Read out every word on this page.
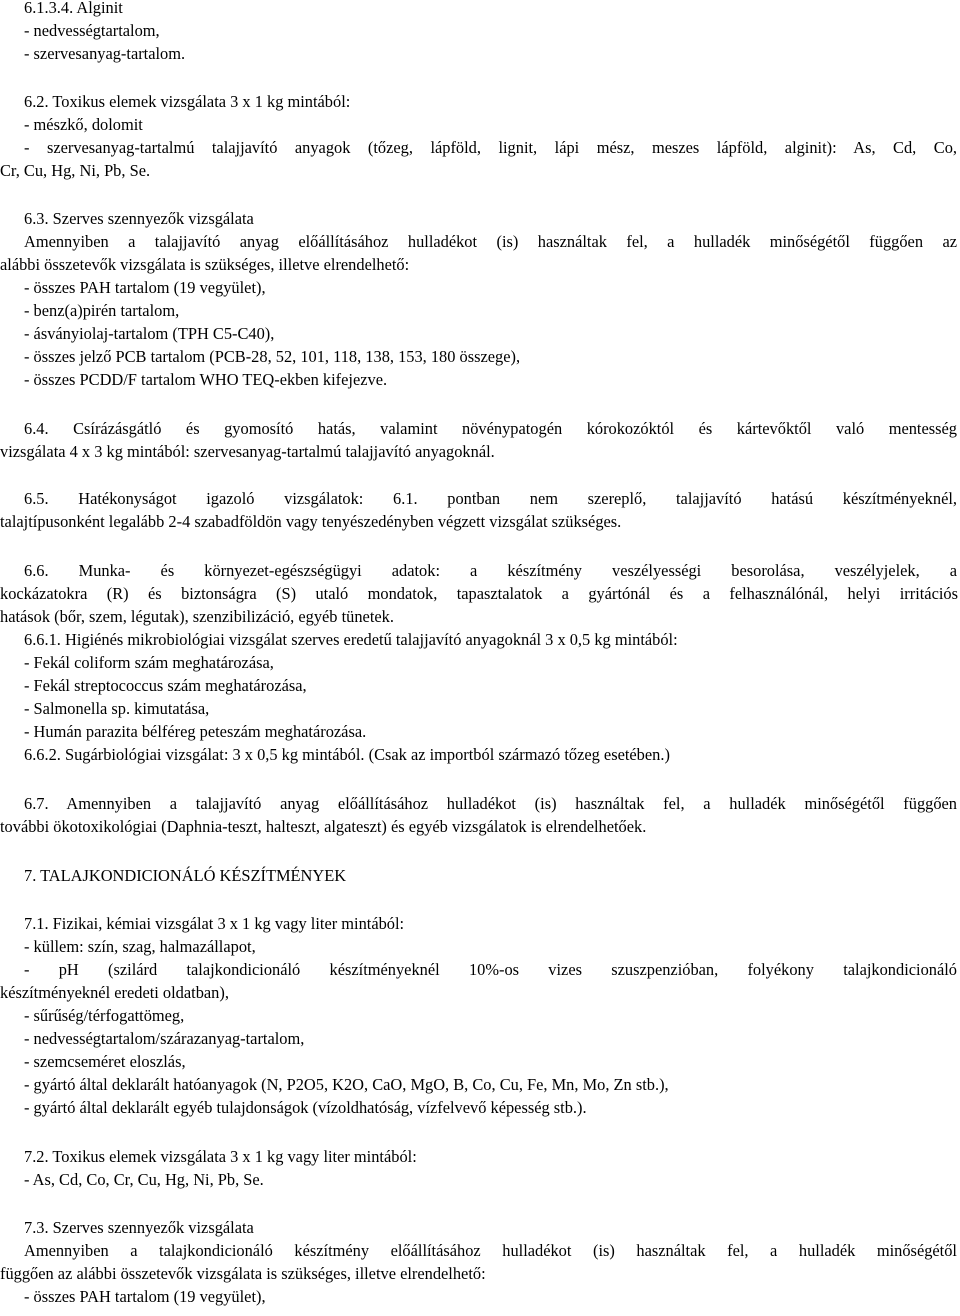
6.1.3.4. Alginit

- nedvességtartalom,

- szervesanyag-tartalom.

6.2. Toxikus elemek vizsgálata 3 x 1 kg mintából:

- mészkő, dolomit

- szervesanyag-tartalmú talajjavító anyagok (tőzeg, lápföld, lignit, lápi mész, meszes lápföld, alginit): As, Cd, Co,

Cr, Cu, Hg, Ni, Pb, Se.

6.3. Szerves szennyezők vizsgálata

Amennyiben a talajjavító anyag előállításához hulladékot (is) használtak fel, a hulladék minőségétől függően az

alábbi összetevők vizsgálata is szükséges, illetve elrendelhető:

- összes PAH tartalom (19 vegyület),

- benz(a)pirén tartalom,

- ásványiolaj-tartalom (TPH C5-C40),

- összes jelző PCB tartalom (PCB-28, 52, 101, 118, 138, 153, 180 összege),

- összes PCDD/F tartalom WHO TEQ-ekben kifejezve.

6.4. Csírázásgátló és gyomosító hatás, valamint növénypatogén kórokozóktól és kártevőktől való mentesség

vizsgálata 4 x 3 kg mintából: szervesanyag-tartalmú talajjavító anyagoknál.

6.5. Hatékonyságot igazoló vizsgálatok: 6.1. pontban nem szereplő, talajjavító hatású készítményeknél,

talajtípusonként legalább 2-4 szabadföldön vagy tenyészedényben végzett vizsgálat szükséges.

6.6. Munka- és környezet-egészségügyi adatok: a készítmény veszélyességi besorolása, veszélyjelek, a

kockázatokra (R) és biztonságra (S) utaló mondatok, tapasztalatok a gyártónál és a felhasználónál, helyi irritációs

hatások (bőr, szem, légutak), szenzibilizáció, egyéb tünetek.

6.6.1. Higiénés mikrobiológiai vizsgálat szerves eredetű talajjavító anyagoknál 3 x 0,5 kg mintából:

- Fekál coliform szám meghatározása,

- Fekál streptococcus szám meghatározása,

- Salmonella sp. kimutatása,

- Humán parazita bélféreg peteszám meghatározása.

6.6.2. Sugárbiológiai vizsgálat: 3 x 0,5 kg mintából. (Csak az importból származó tőzeg esetében.)

6.7. Amennyiben a talajjavító anyag előállításához hulladékot (is) használtak fel, a hulladék minőségétől függően

további ökotoxikológiai (Daphnia-teszt, halteszt, algateszt) és egyéb vizsgálatok is elrendelhetőek.

7. TALAJKONDICIONÁLÓ KÉSZÍTMÉNYEK

7.1. Fizikai, kémiai vizsgálat 3 x 1 kg vagy liter mintából:

- küllem: szín, szag, halmazállapot,

- pH (szilárd talajkondicionáló készítményeknél 10%-os vizes szuszpenzióban, folyékony talajkondicionáló

készítményeknél eredeti oldatban),

- sűrűség/térfogattömeg,

- nedvességtartalom/szárazanyag-tartalom,

- szemcseméret eloszlás,

- gyártó által deklarált hatóanyagok (N, P2O5, K2O, CaO, MgO, B, Co, Cu, Fe, Mn, Mo, Zn stb.),

- gyártó által deklarált egyéb tulajdonságok (vízoldhatóság, vízfelvevő képesség stb.).

7.2. Toxikus elemek vizsgálata 3 x 1 kg vagy liter mintából:

- As, Cd, Co, Cr, Cu, Hg, Ni, Pb, Se.

7.3. Szerves szennyezők vizsgálata

Amennyiben a talajkondicionáló készítmény előállításához hulladékot (is) használtak fel, a hulladék minőségétől

függően az alábbi összetevők vizsgálata is szükséges, illetve elrendelhető:

- összes PAH tartalom (19 vegyület),
